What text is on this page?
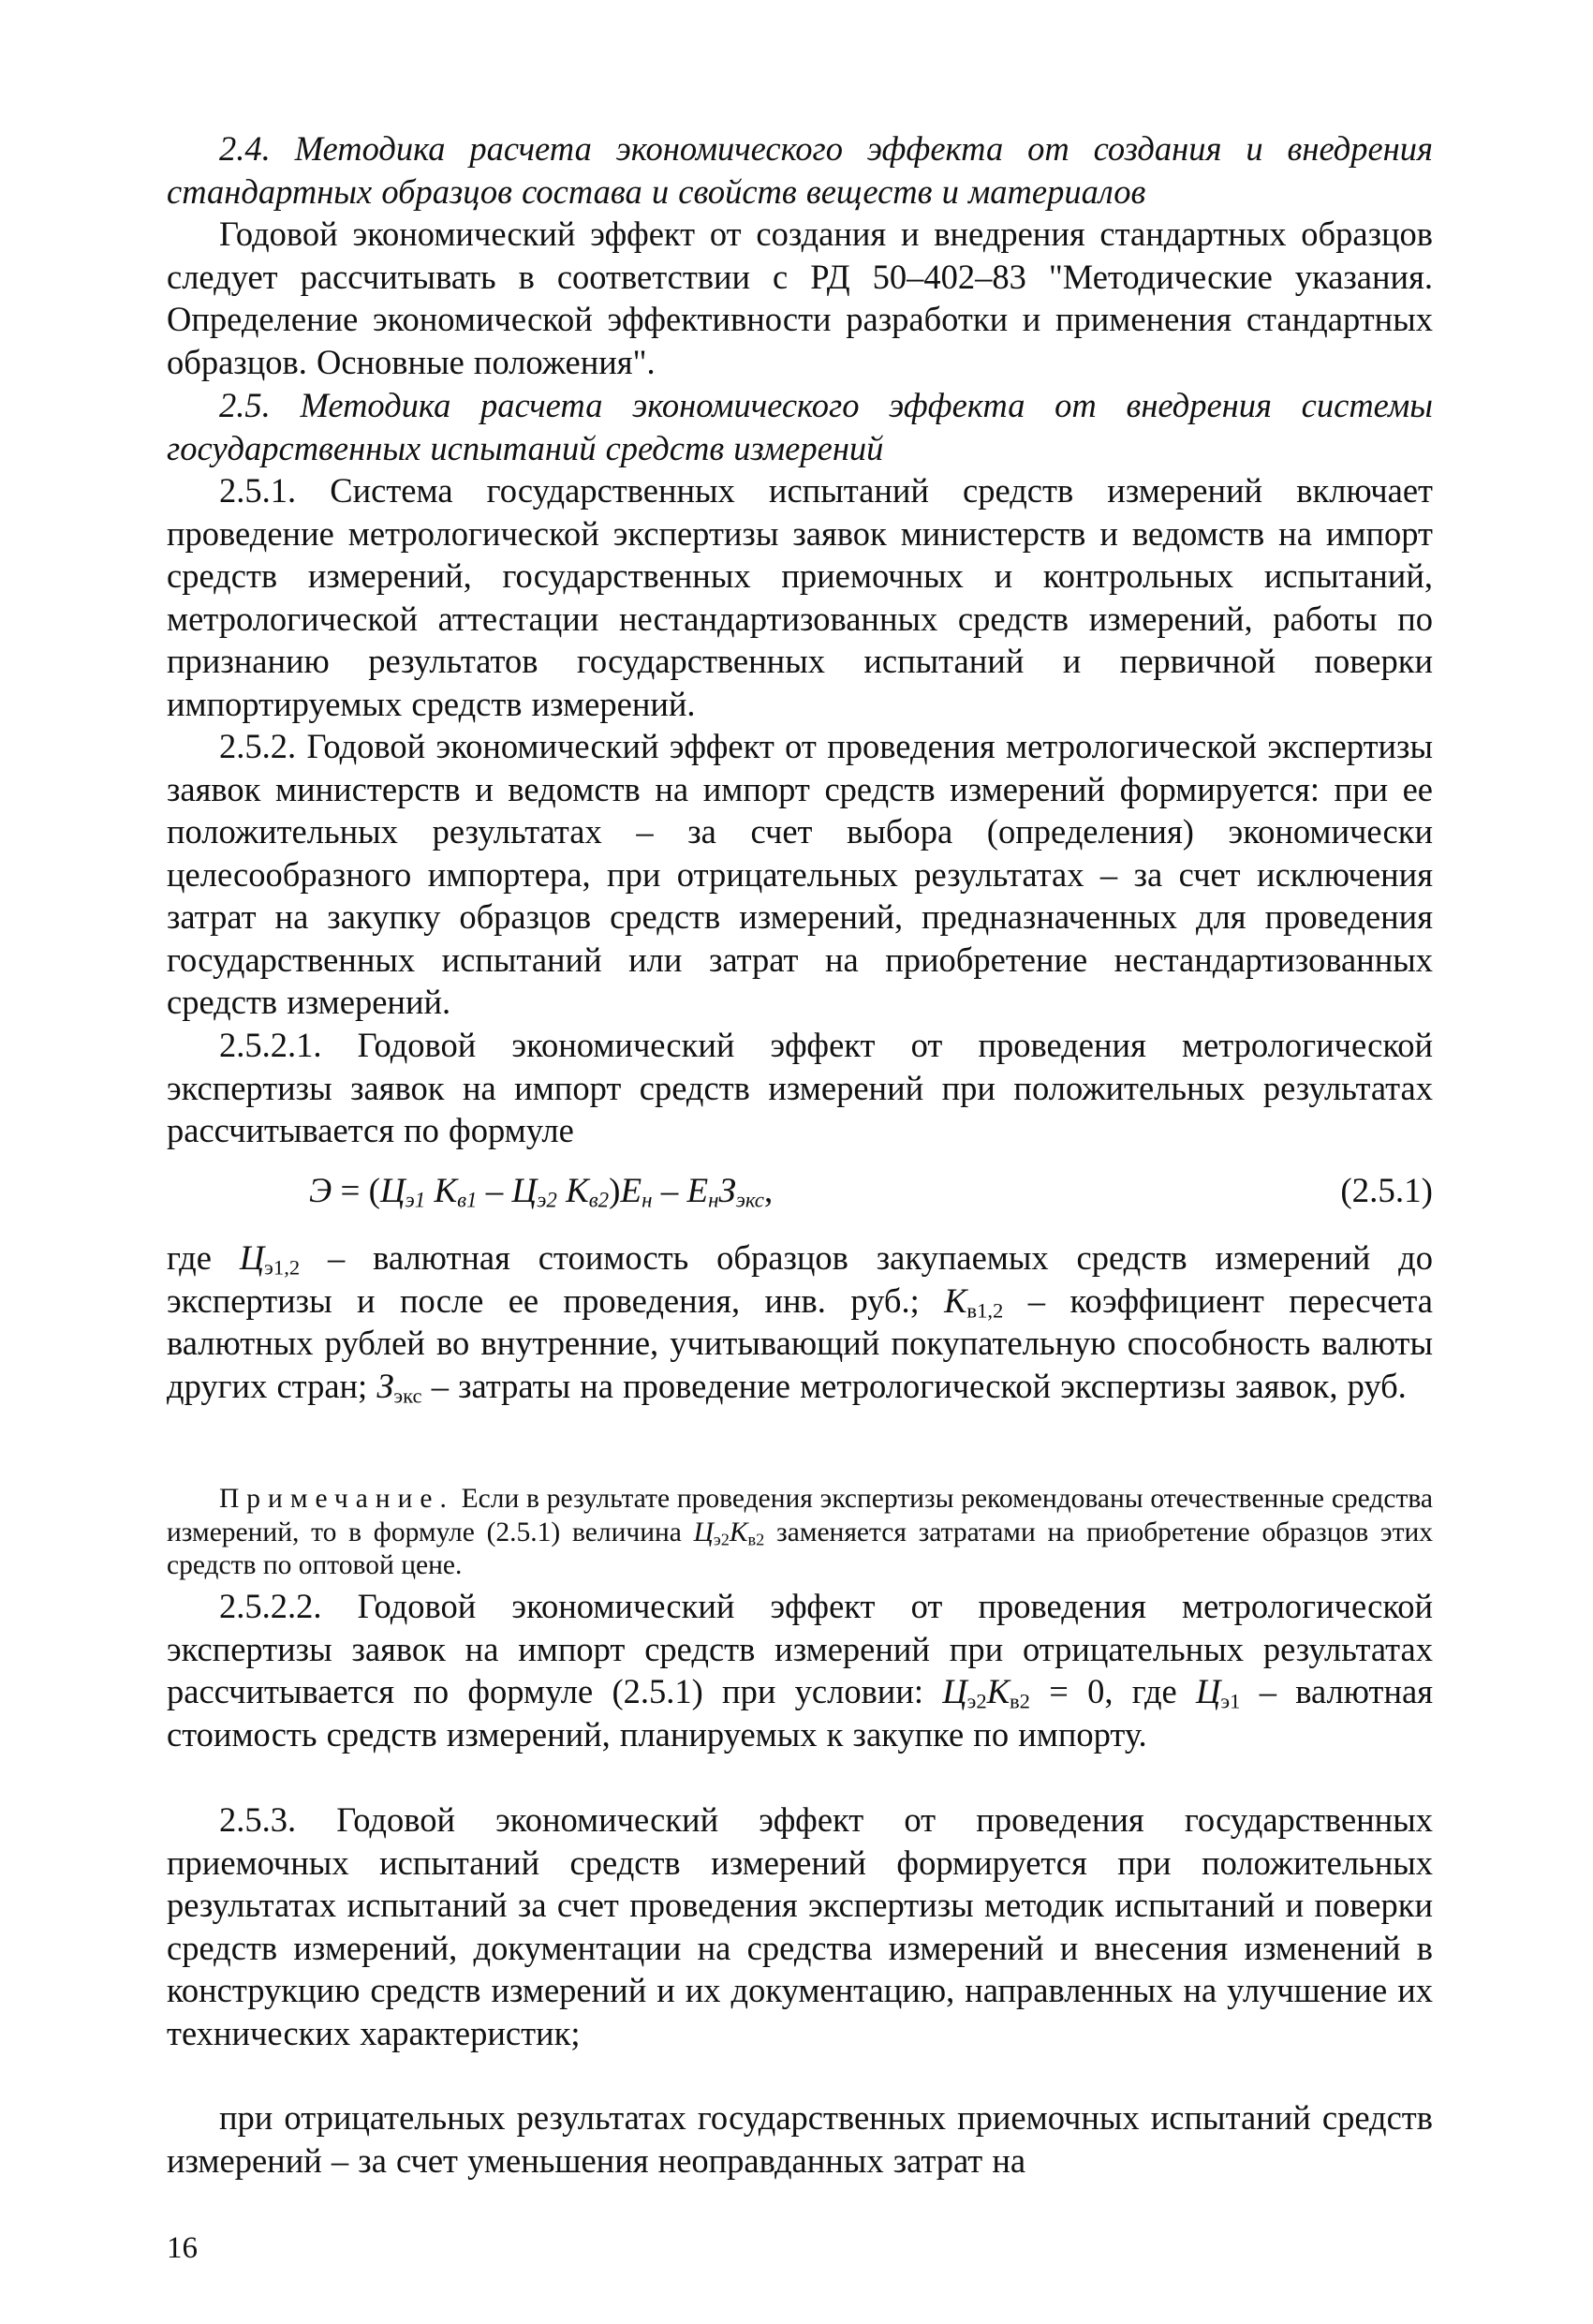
2.4. Методика расчета экономического эффекта от создания и внедрения стандартных образцов состава и свойств веществ и материалов
Годовой экономический эффект от создания и внедрения стандартных образцов следует рассчитывать в соответствии с РД 50–402–83 "Методические указания. Определение экономической эффективности разработки и применения стандартных образцов. Основные положения".
2.5. Методика расчета экономического эффекта от внедрения системы государственных испытаний средств измерений
2.5.1. Система государственных испытаний средств измерений включает проведение метрологической экспертизы заявок министерств и ведомств на импорт средств измерений, государственных приемочных и контрольных испытаний, метрологической аттестации нестандартизованных средств измерений, работы по признанию результатов государственных испытаний и первичной поверки импортируемых средств измерений.
2.5.2. Годовой экономический эффект от проведения метрологической экспертизы заявок министерств и ведомств на импорт средств измерений формируется: при ее положительных результатах – за счет выбора (определения) экономически целесообразного импортера, при отрицательных результатах – за счет исключения затрат на закупку образцов средств измерений, предназначенных для проведения государственных испытаний или затрат на приобретение нестандартизованных средств измерений.
2.5.2.1. Годовой экономический эффект от проведения метрологической экспертизы заявок на импорт средств измерений при положительных результатах рассчитывается по формуле
$Э = (Ц_{э1}$ $К_{в1} - Ц_{э2}$ $К_{в2})Е_н - Е_нЗ_{экс}$,	(2.5.1)
где $Ц_{э1,2}$ – валютная стоимость образцов закупаемых средств измерений до экспертизы и после ее проведения, инв. руб.; $К_{в1,2}$ – коэффициент пересчета валютных рублей во внутренние, учитывающий покупательную способность валюты других стран; $З_{экс}$ – затраты на проведение метрологической экспертизы заявок, руб.
Примечание. Если в результате проведения экспертизы рекомендованы отечественные средства измерений, то в формуле (2.5.1) величина $Ц_{э2}К_{в2}$ заменяется затратами на приобретение образцов этих средств по оптовой цене.
2.5.2.2. Годовой экономический эффект от проведения метрологической экспертизы заявок на импорт средств измерений при отрицательных результатах рассчитывается по формуле (2.5.1) при условии: $Ц_{э2}К_{в2} = 0$, где $Ц_{э1}$ – валютная стоимость средств измерений, планируемых к закупке по импорту.
2.5.3. Годовой экономический эффект от проведения государственных приемочных испытаний средств измерений формируется при положительных результатах испытаний за счет проведения экспертизы методик испытаний и поверки средств измерений, документации на средства измерений и внесения изменений в конструкцию средств измерений и их документацию, направленных на улучшение их технических характеристик;
при отрицательных результатах государственных приемочных испытаний средств измерений – за счет уменьшения неоправданных затрат на
16
